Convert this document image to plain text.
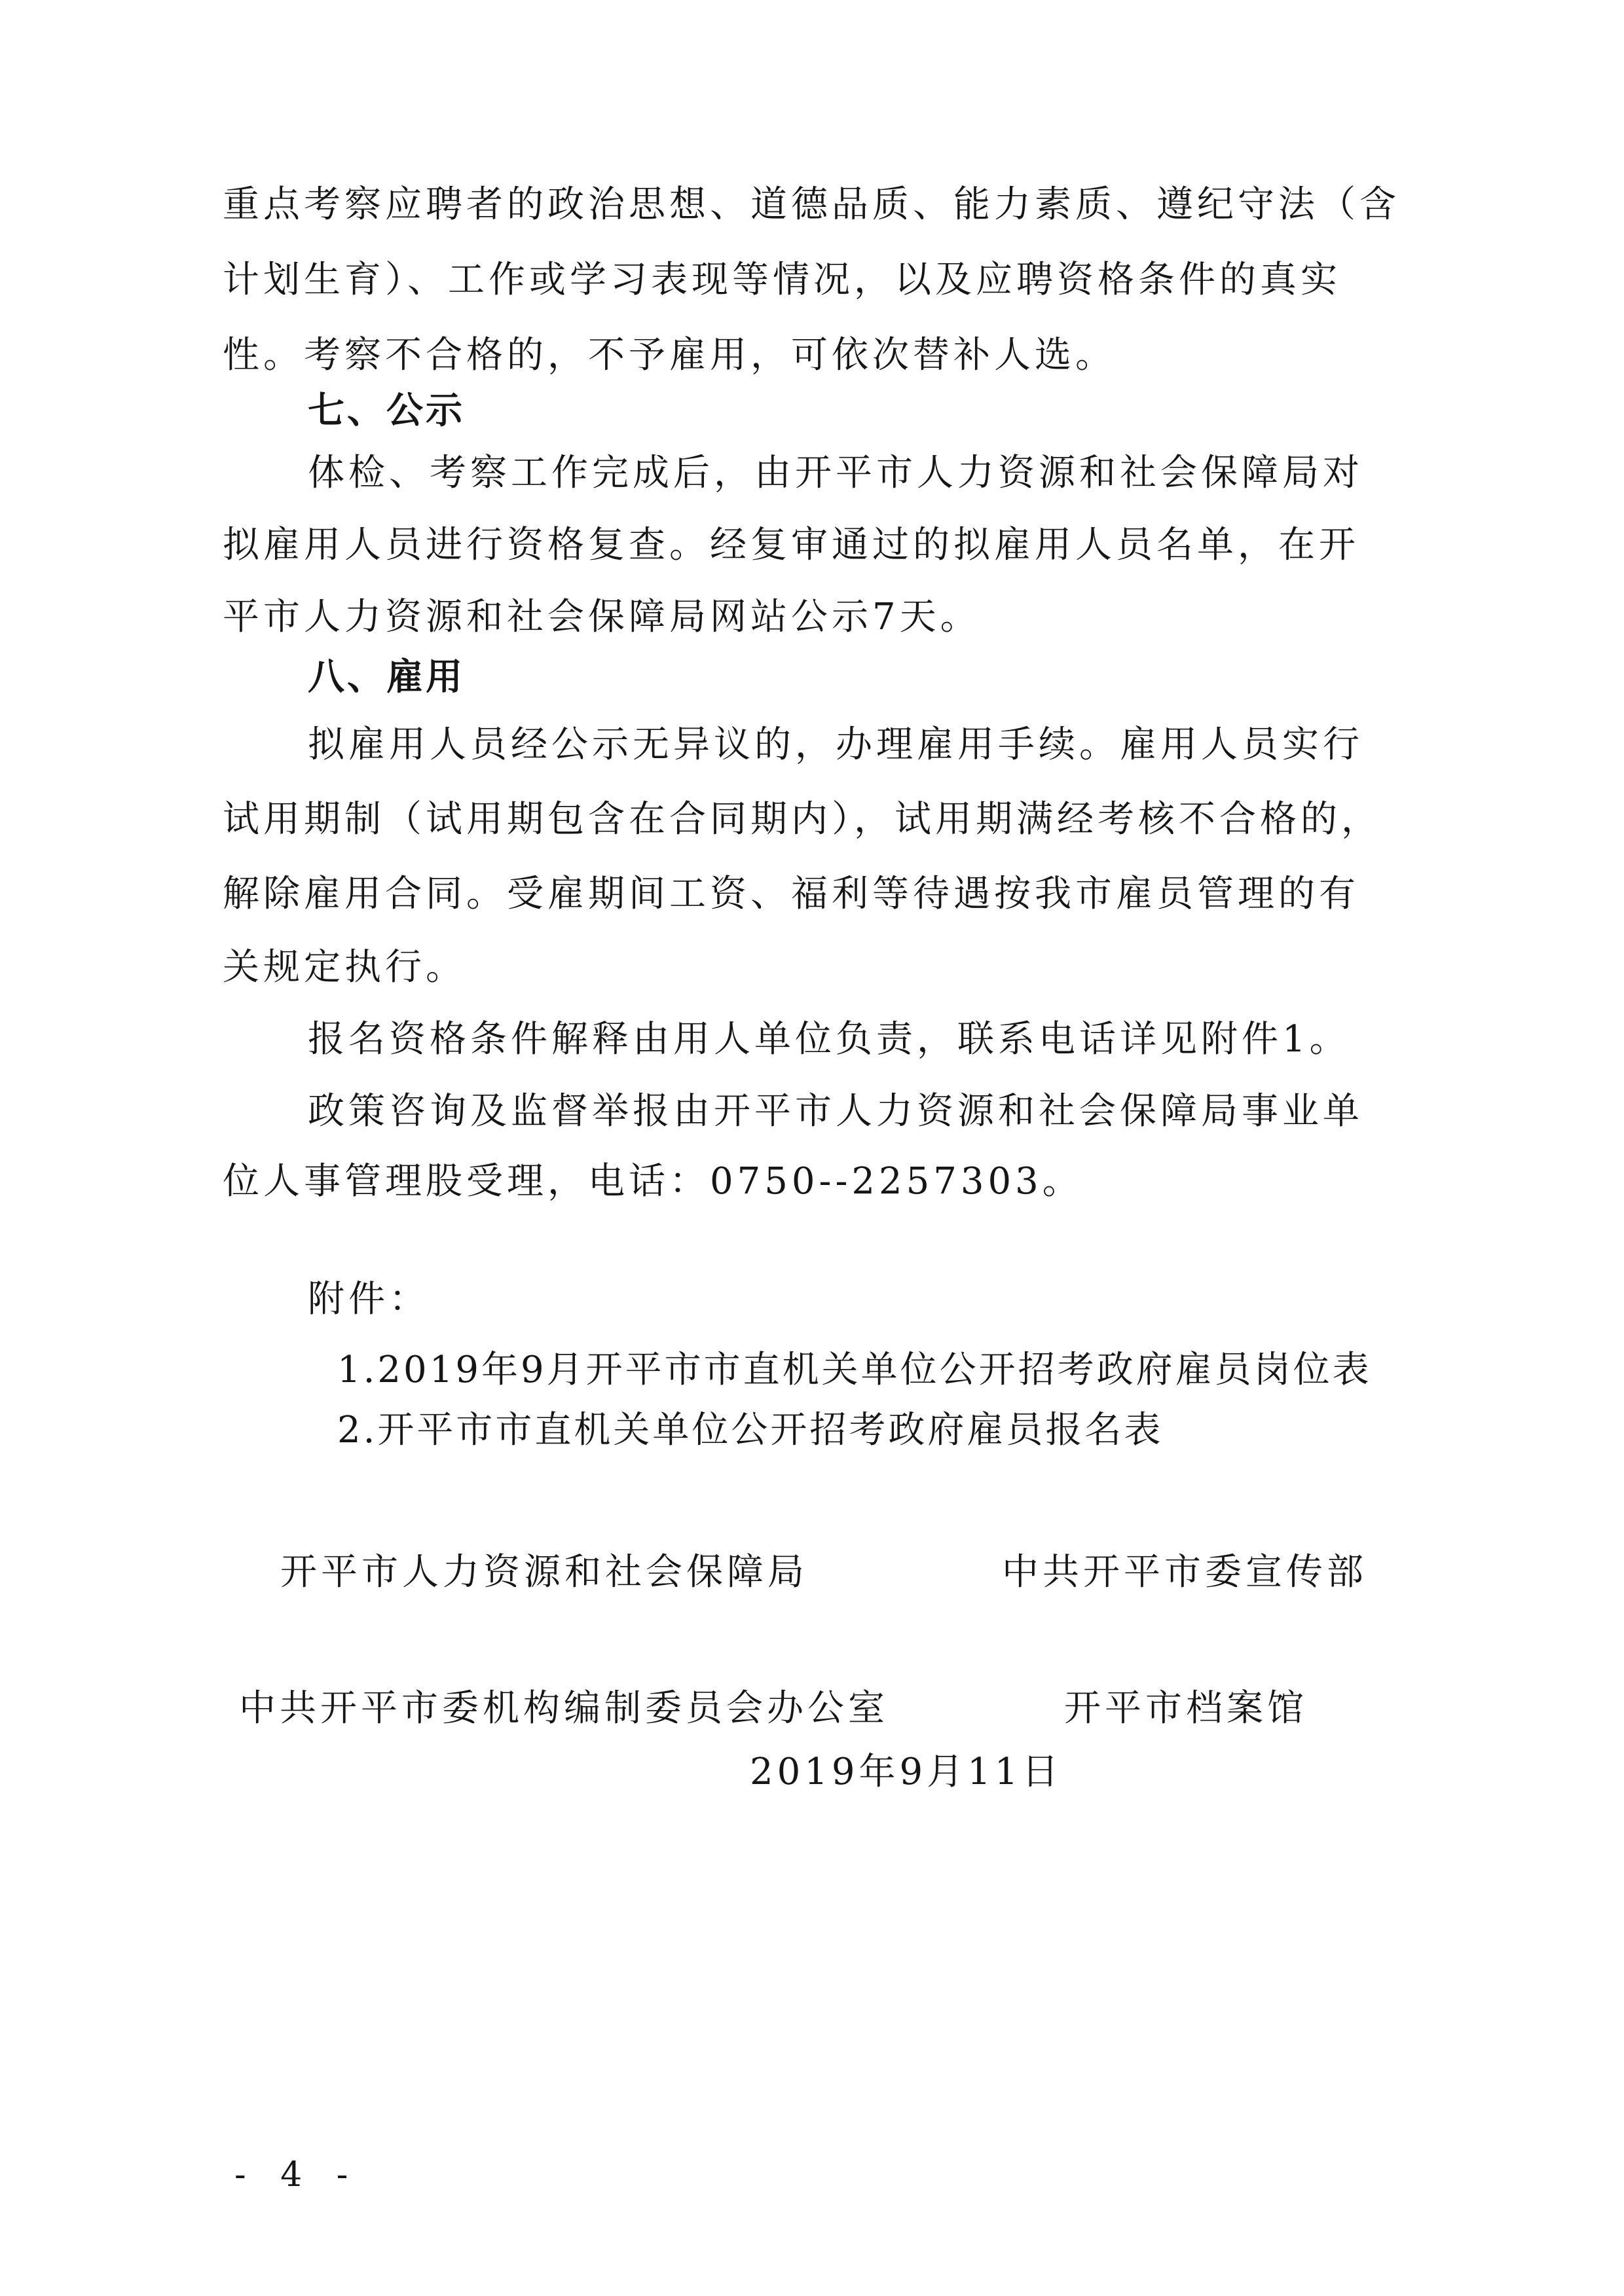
重点考察应聘者的政治思想、道德品质、能力素质、遵纪守法（含
计划生育）、工作或学习表现等情况，以及应聘资格条件的真实
性。考察不合格的，不予雇用，可依次替补人选。
七、公示
体检、考察工作完成后，由开平市人力资源和社会保障局对
拟雇用人员进行资格复查。经复审通过的拟雇用人员名单，在开
平市人力资源和社会保障局网站公示7天。
八、雇用
拟雇用人员经公示无异议的，办理雇用手续。雇用人员实行
试用期制（试用期包含在合同期内），试用期满经考核不合格的，
解除雇用合同。受雇期间工资、福利等待遇按我市雇员管理的有
关规定执行。
报名资格条件解释由用人单位负责，联系电话详见附件1。
政策咨询及监督举报由开平市人力资源和社会保障局事业单
位人事管理股受理，电话：0750--2257303。
附件：
1.2019年9月开平市市直机关单位公开招考政府雇员岗位表
2.开平市市直机关单位公开招考政府雇员报名表
开平市人力资源和社会保障局	中共开平市委宣传部
中共开平市委机构编制委员会办公室	开平市档案馆
2019年9月11日
- 4 -
